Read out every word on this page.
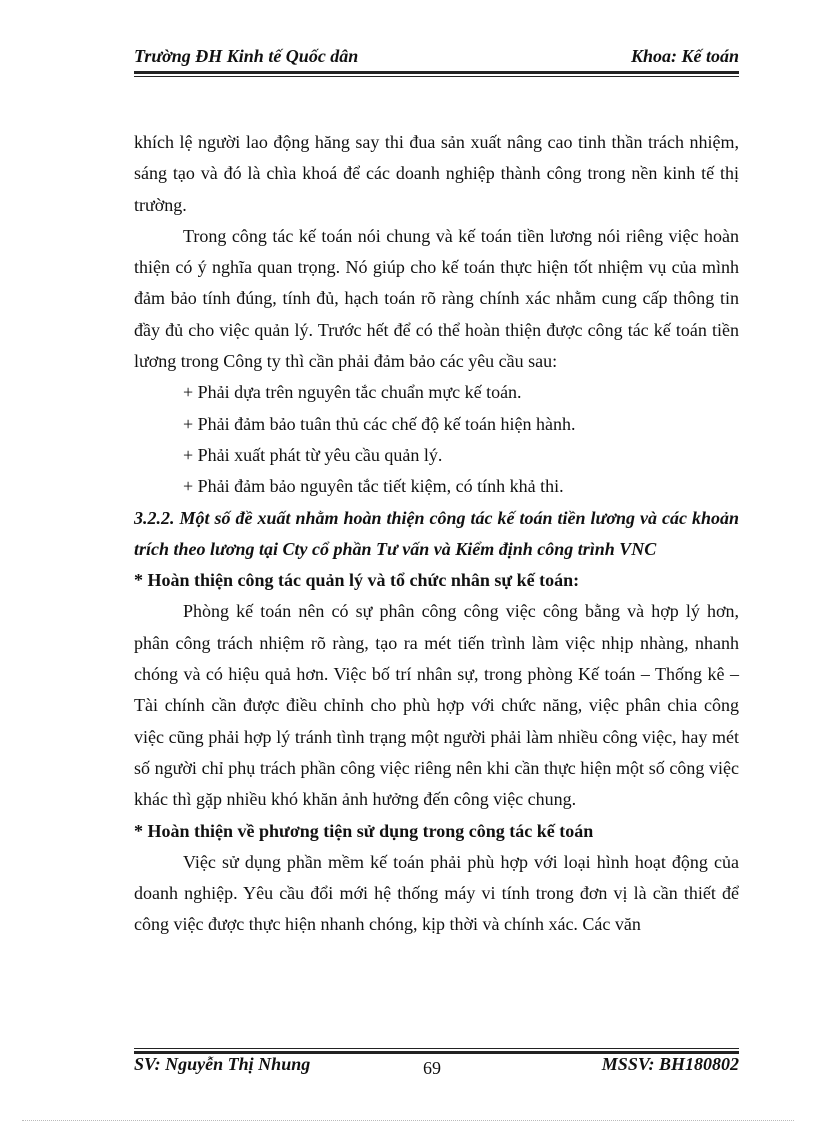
Trường ĐH Kinh tế Quốc dân	Khoa: Kế toán

khích lệ người lao động hăng say thi đua sản xuất nâng cao tinh thần trách nhiệm, sáng tạo và đó là chìa khoá để các doanh nghiệp thành công trong nền kinh tế thị trường.

Trong công tác kế toán nói chung và kế toán tiền lương nói riêng việc hoàn thiện có ý nghĩa quan trọng. Nó giúp cho kế toán thực hiện tốt nhiệm vụ của mình đảm bảo tính đúng, tính đủ, hạch toán rõ ràng chính xác nhằm cung cấp thông tin đầy đủ cho việc quản lý. Trước hết để có thể hoàn thiện được công tác kế toán tiền lương trong Công ty thì cần phải đảm bảo các yêu cầu sau:

+ Phải dựa trên nguyên tắc chuẩn mực kế toán.

+ Phải đảm bảo tuân thủ các chế độ kế toán hiện hành.

+ Phải xuất phát từ yêu cầu quản lý.

+ Phải đảm bảo nguyên tắc tiết kiệm, có tính khả thi.

3.2.2. Một số đề xuất nhằm hoàn thiện công tác kế toán tiền lương và các khoản trích theo lương tại Cty cổ phần Tư vấn và Kiểm định công trình VNC

* Hoàn thiện công tác quản lý và tổ chức nhân sự kế toán:

Phòng kế toán nên có sự phân công công việc công bằng và hợp lý hơn, phân công trách nhiệm rõ ràng, tạo ra mét tiến trình làm việc nhịp nhàng, nhanh chóng và có hiệu quả hơn. Việc bố trí nhân sự, trong phòng Kế toán – Thống kê – Tài chính cần được điều chỉnh cho phù hợp với chức năng, việc phân chia công việc cũng phải hợp lý tránh tình trạng một người phải làm nhiều công việc, hay mét số người chỉ phụ trách phần công việc riêng nên khi cần thực hiện một số công việc khác thì gặp nhiều khó khăn ảnh hưởng đến công việc chung.

* Hoàn thiện về phương tiện sử dụng trong công tác kế toán

Việc sử dụng phần mềm kế toán phải phù hợp với loại hình hoạt động của doanh nghiệp. Yêu cầu đổi mới hệ thống máy vi tính trong đơn vị là cần thiết để công việc được thực hiện nhanh chóng, kịp thời và chính xác. Các văn

SV: Nguyễn Thị Nhung	69	MSSV: BH180802
